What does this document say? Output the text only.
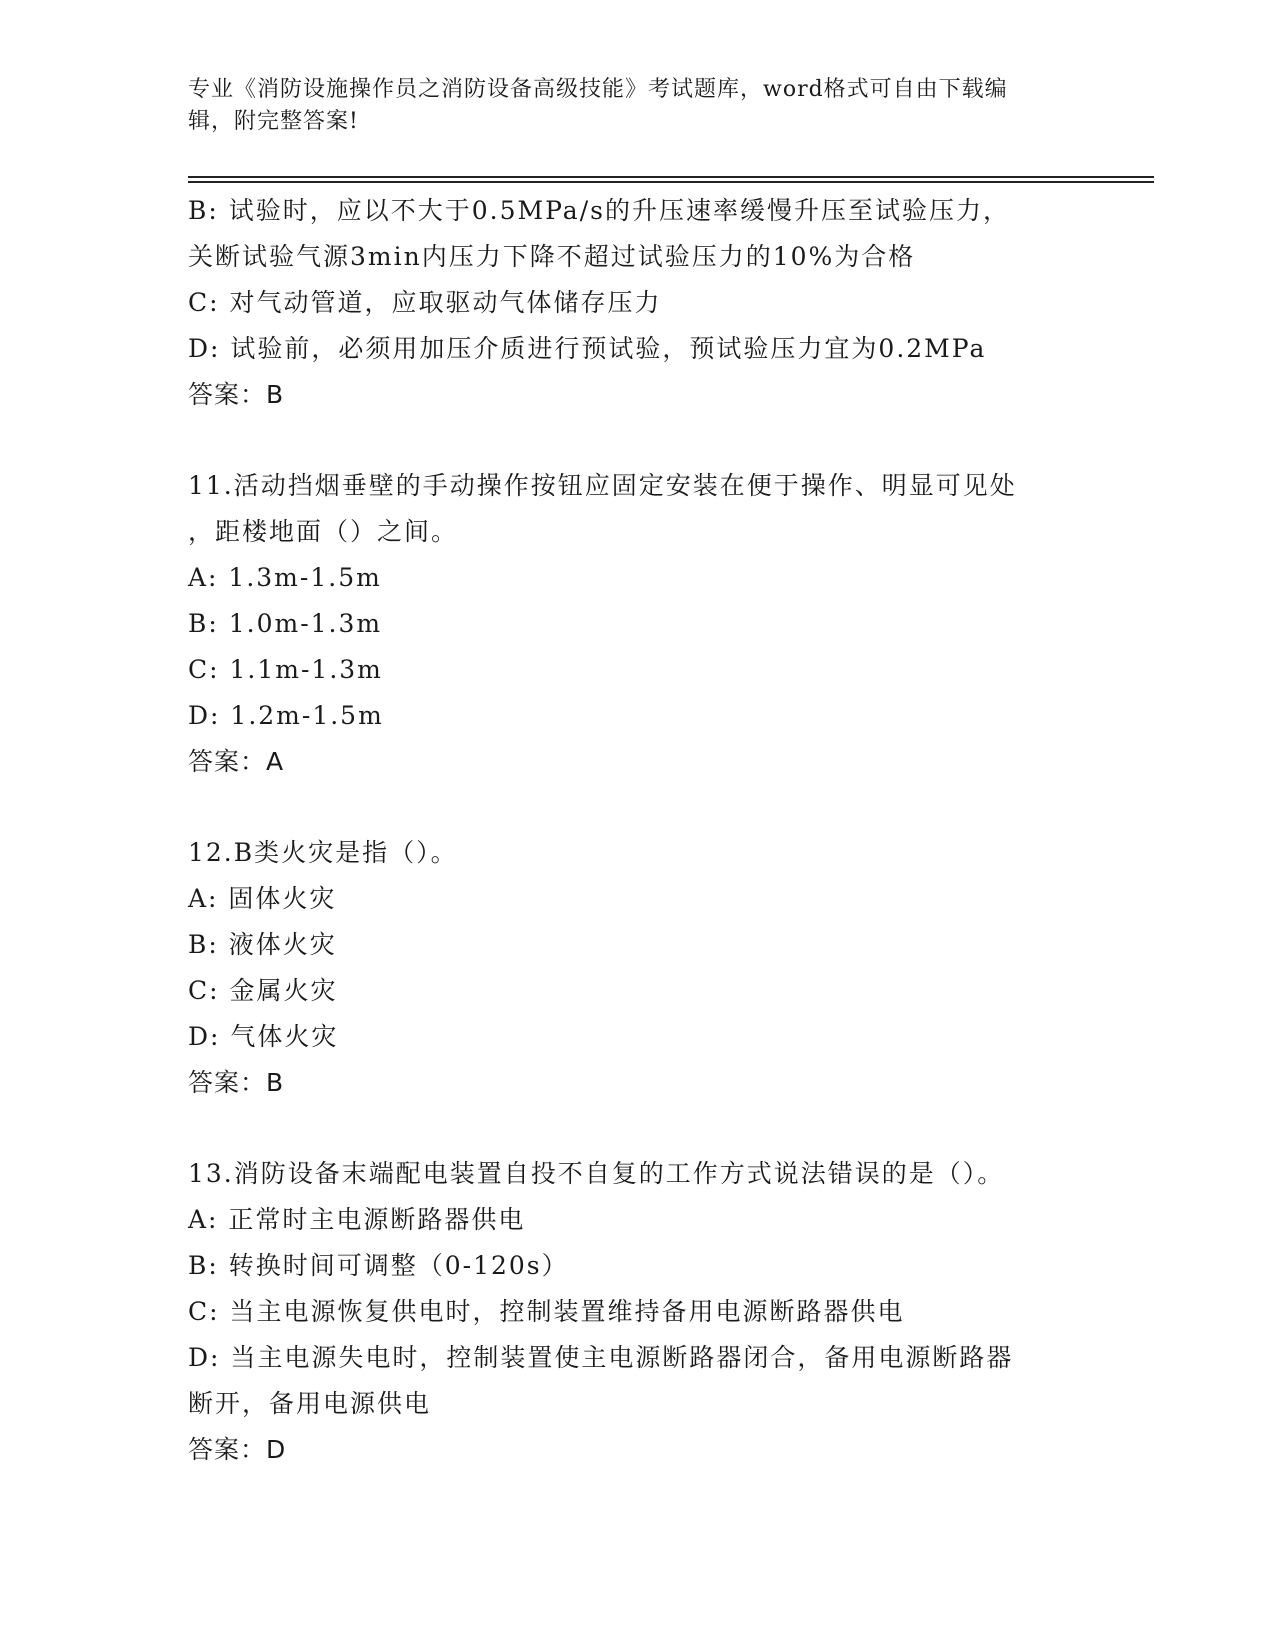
专业《消防设施操作员之消防设备高级技能》考试题库，word格式可自由下载编
辑，附完整答案!
B: 试验时，应以不大于0.5MPa/s的升压速率缓慢升压至试验压力，
关断试验气源3min内压力下降不超过试验压力的10%为合格
C: 对气动管道，应取驱动气体储存压力
D: 试验前，必须用加压介质进行预试验，预试验压力宜为0.2MPa
答案：B
11.活动挡烟垂壁的手动操作按钮应固定安装在便于操作、明显可见处
，距楼地面（）之间。
A: 1.3m-1.5m
B: 1.0m-1.3m
C: 1.1m-1.3m
D: 1.2m-1.5m
答案：A
12.B类火灾是指（）。
A: 固体火灾
B: 液体火灾
C: 金属火灾
D: 气体火灾
答案：B
13.消防设备末端配电装置自投不自复的工作方式说法错误的是（）。
A: 正常时主电源断路器供电
B: 转换时间可调整（0-120s）
C: 当主电源恢复供电时，控制装置维持备用电源断路器供电
D: 当主电源失电时，控制装置使主电源断路器闭合，备用电源断路器
断开，备用电源供电
答案：D
